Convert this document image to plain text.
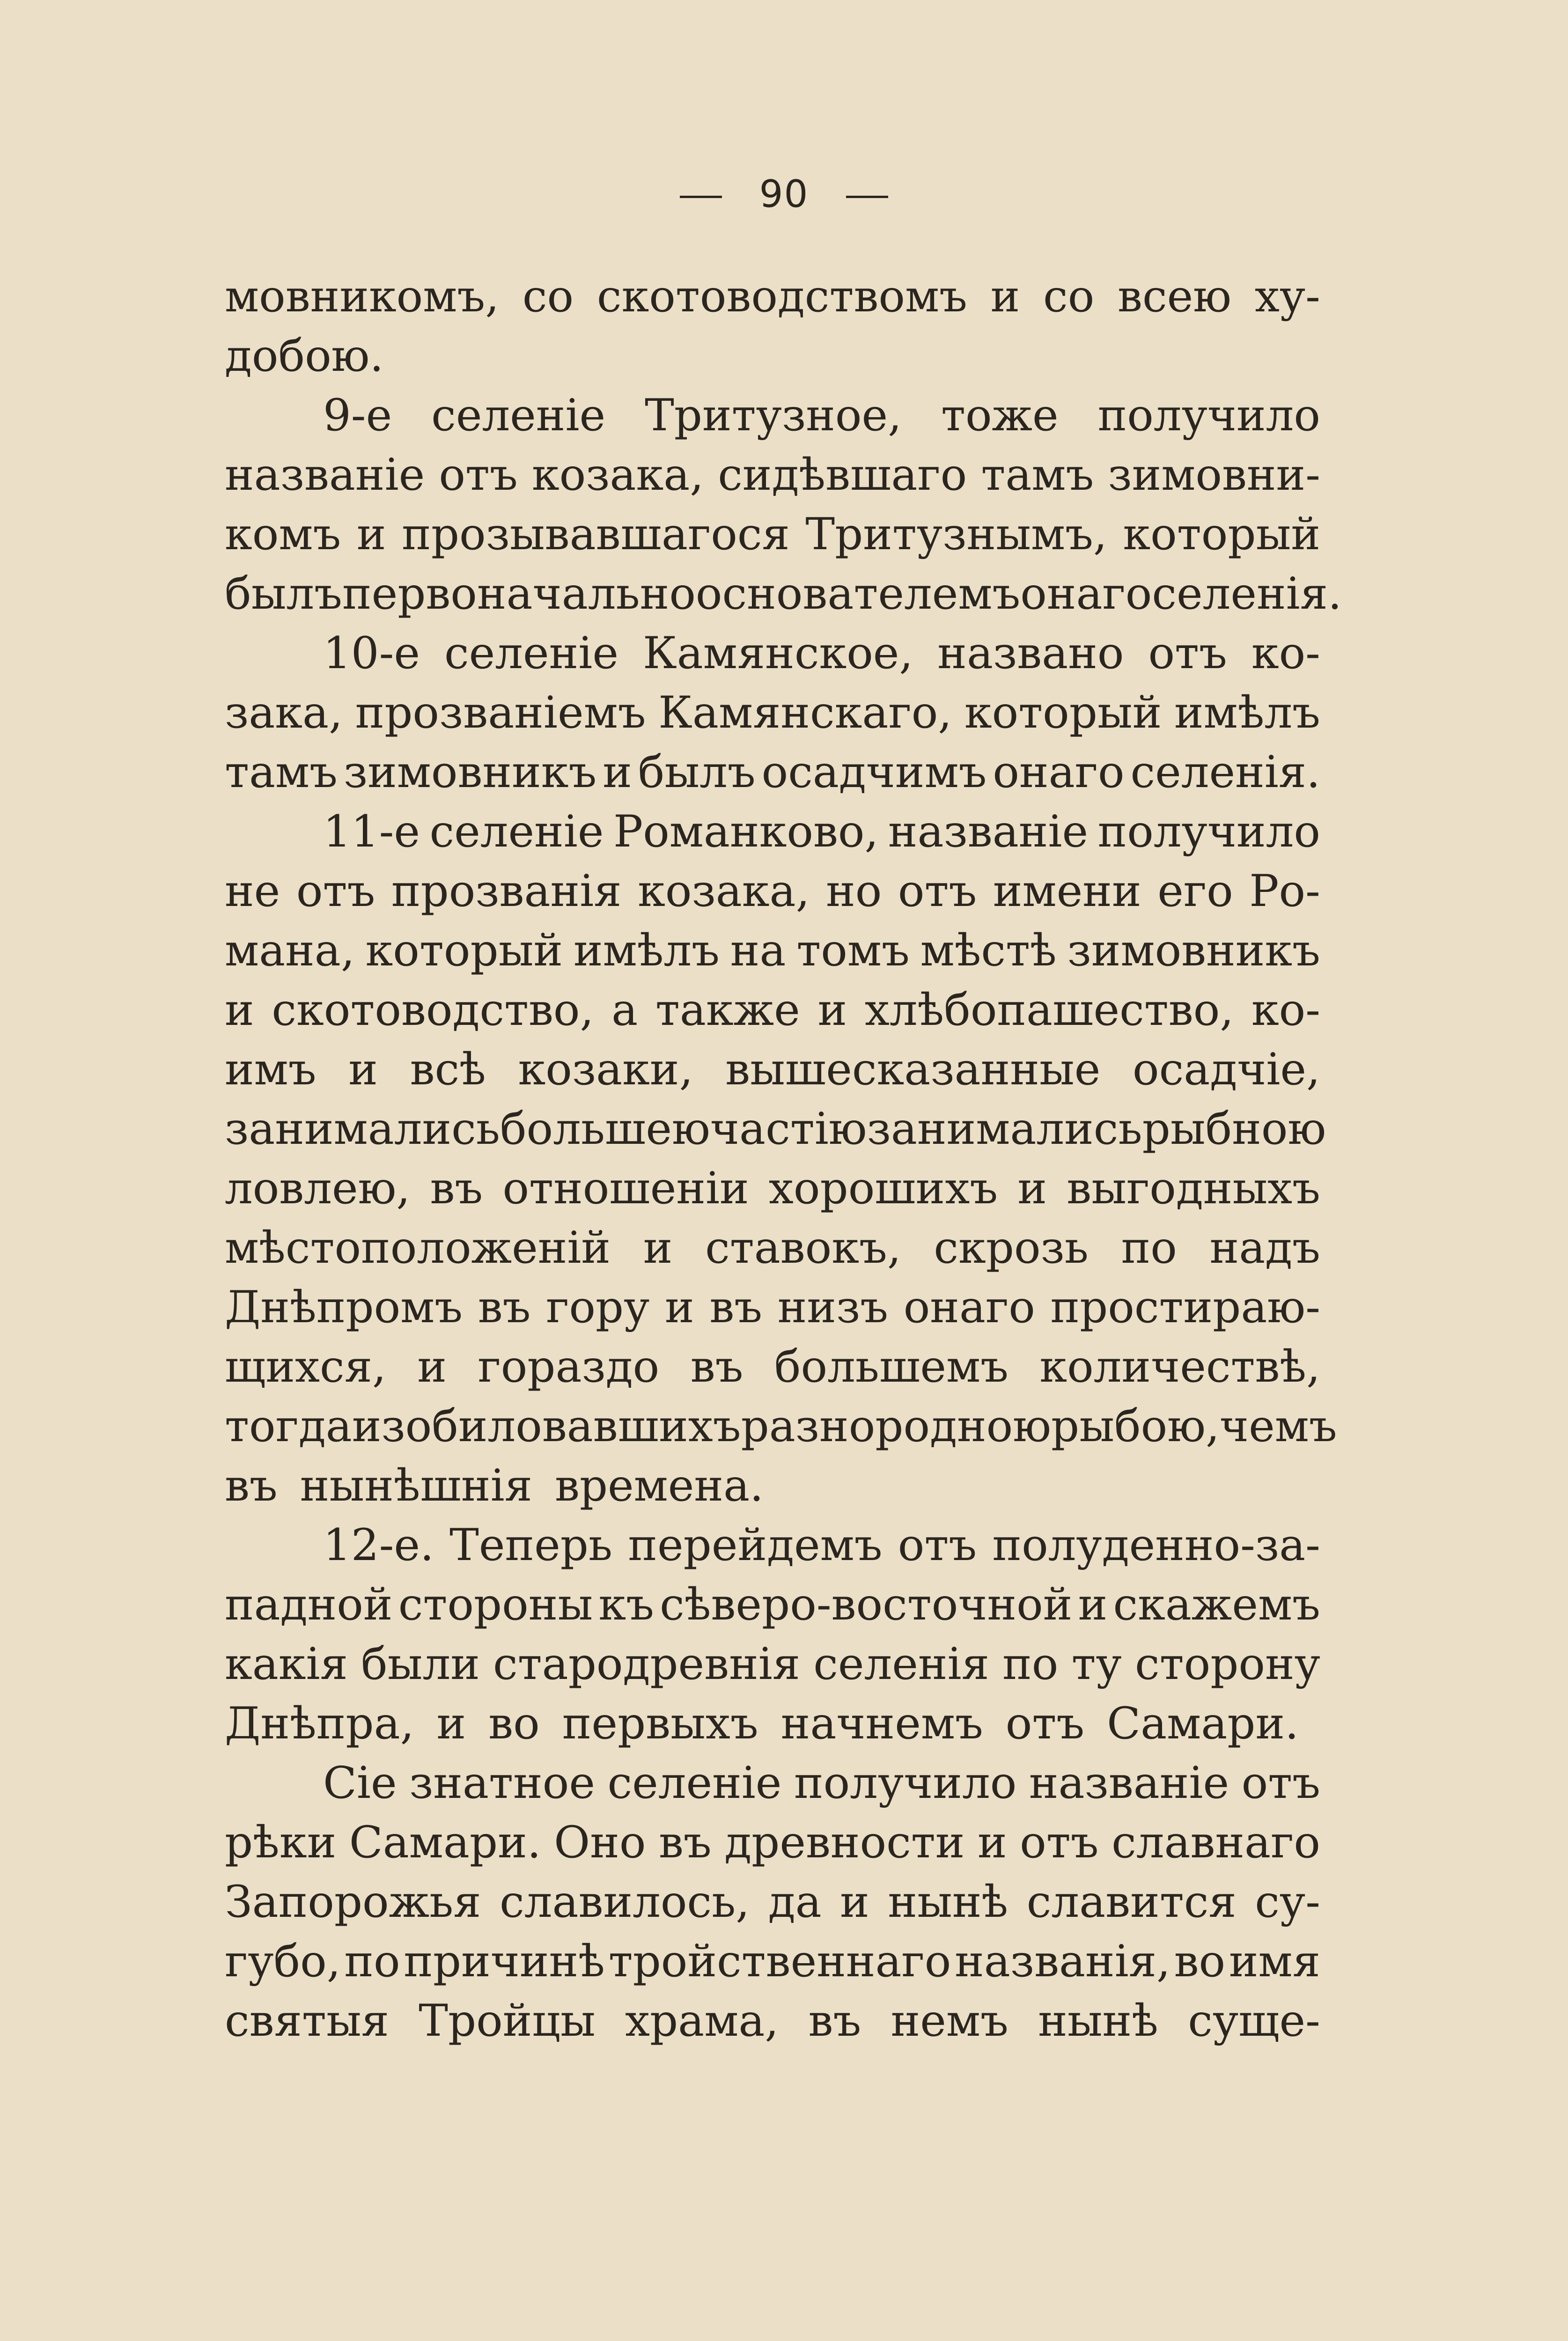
90
мовникомъ, со скотоводствомъ и со всею ху-
добою.
9-е селеніе Тритузное, тоже получило
названіе отъ козака, сидѣвшаго тамъ зимовни-
комъ и прозывавшагося Тритузнымъ, который
былъ первоначально основателемъ онаго селенія.
10-е селеніе Камянское, названо отъ ко-
зака, прозваніемъ Камянскаго, который имѣлъ
тамъ зимовникъ и былъ осадчимъ онаго селенія.
11-е селеніе Романково, названіе получило
не отъ прозванія козака, но отъ имени его Ро-
мана, который имѣлъ на томъ мѣстѣ зимовникъ
и скотоводство, а также и хлѣбопашество, ко-
имъ и всѣ козаки, вышесказанные осадчіе,
занимались большею частію занимались рыбною
ловлею, въ отношеніи хорошихъ и выгодныхъ
мѣстоположеній и ставокъ, скрозь по надъ
Днѣпромъ въ гору и въ низъ онаго простираю-
щихся, и гораздо въ большемъ количествѣ,
тогда изобиловавшихъ разнородною рыбою, чемъ
въ нынѣшнія времена.
12-е. Теперь перейдемъ отъ полуденно-за-
падной стороны къ сѣверо-восточной и скажемъ
какія были стародревнія селенія по ту сторону
Днѣпра, и во первыхъ начнемъ отъ Самари.
Сіе знатное селеніе получило названіе отъ
рѣки Самари. Оно въ древности и отъ славнаго
Запорожья славилось, да и нынѣ славится су-
губо, по причинѣ тройственнаго названія, во имя
святыя Тройцы храма, въ немъ нынѣ суще-
